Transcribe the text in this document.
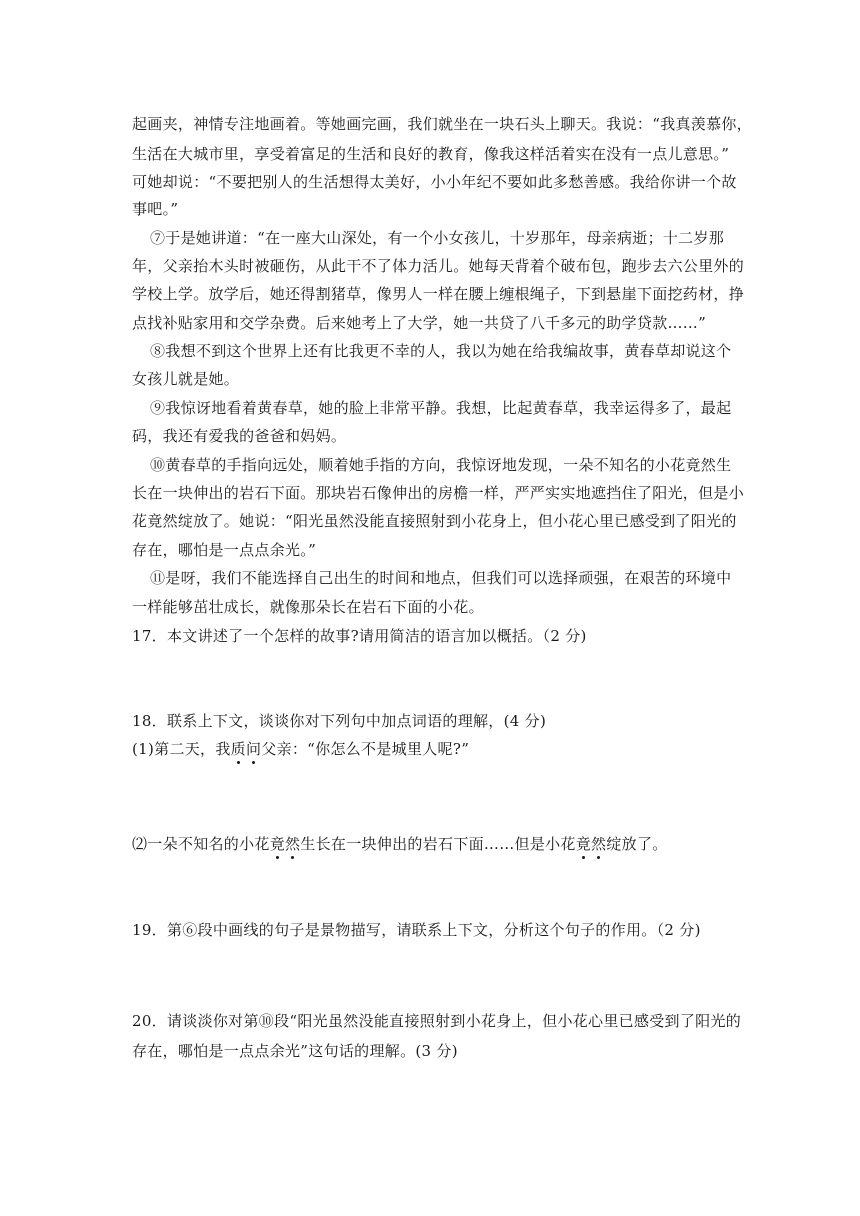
起画夹，神情专注地画着。等她画完画，我们就坐在一块石头上聊天。我说：“我真羡慕你，
生活在大城市里，享受着富足的生活和良好的教育，像我这样活着实在没有一点儿意思。”
可她却说：“不要把别人的生活想得太美好，小小年纪不要如此多愁善感。我给你讲一个故
事吧。”
⑦于是她讲道：“在一座大山深处，有一个小女孩儿，十岁那年，母亲病逝；十二岁那
年，父亲抬木头时被砸伤，从此干不了体力活儿。她每天背着个破布包，跑步去六公里外的
学校上学。放学后，她还得割猪草，像男人一样在腰上缠根绳子，下到悬崖下面挖药材，挣
点找补贴家用和交学杂费。后来她考上了大学，她一共贷了八千多元的助学贷款……”
⑧我想不到这个世界上还有比我更不幸的人，我以为她在给我编故事，黄春草却说这个
女孩儿就是她。
⑨我惊讶地看着黄春草，她的脸上非常平静。我想，比起黄春草，我幸运得多了，最起
码，我还有爱我的爸爸和妈妈。
⑩黄春草的手指向远处，顺着她手指的方向，我惊讶地发现，一朵不知名的小花竟然生
长在一块伸出的岩石下面。那块岩石像伸出的房檐一样，严严实实地遮挡住了阳光，但是小
花竟然绽放了。她说：“阳光虽然没能直接照射到小花身上，但小花心里已感受到了阳光的
存在，哪怕是一点点余光。”
⑪是呀，我们不能选择自己出生的时间和地点，但我们可以选择顽强，在艰苦的环境中
一样能够茁壮成长，就像那朵长在岩石下面的小花。
17．本文讲述了一个怎样的故事?请用简洁的语言加以概括。（2 分)
18．联系上下文，谈谈你对下列句中加点词语的理解，(4 分)
(1)第二天，我质问父亲：“你怎么不是城里人呢?”
⑵一朵不知名的小花竟然生长在一块伸出的岩石下面……但是小花竟然绽放了。
19．第⑥段中画线的句子是景物描写，请联系上下文，分析这个句子的作用。（2 分)
20．请谈淡你对第⑩段“阳光虽然没能直接照射到小花身上，但小花心里已感受到了阳光的
存在，哪怕是一点点余光”这句话的理解。(3 分)
